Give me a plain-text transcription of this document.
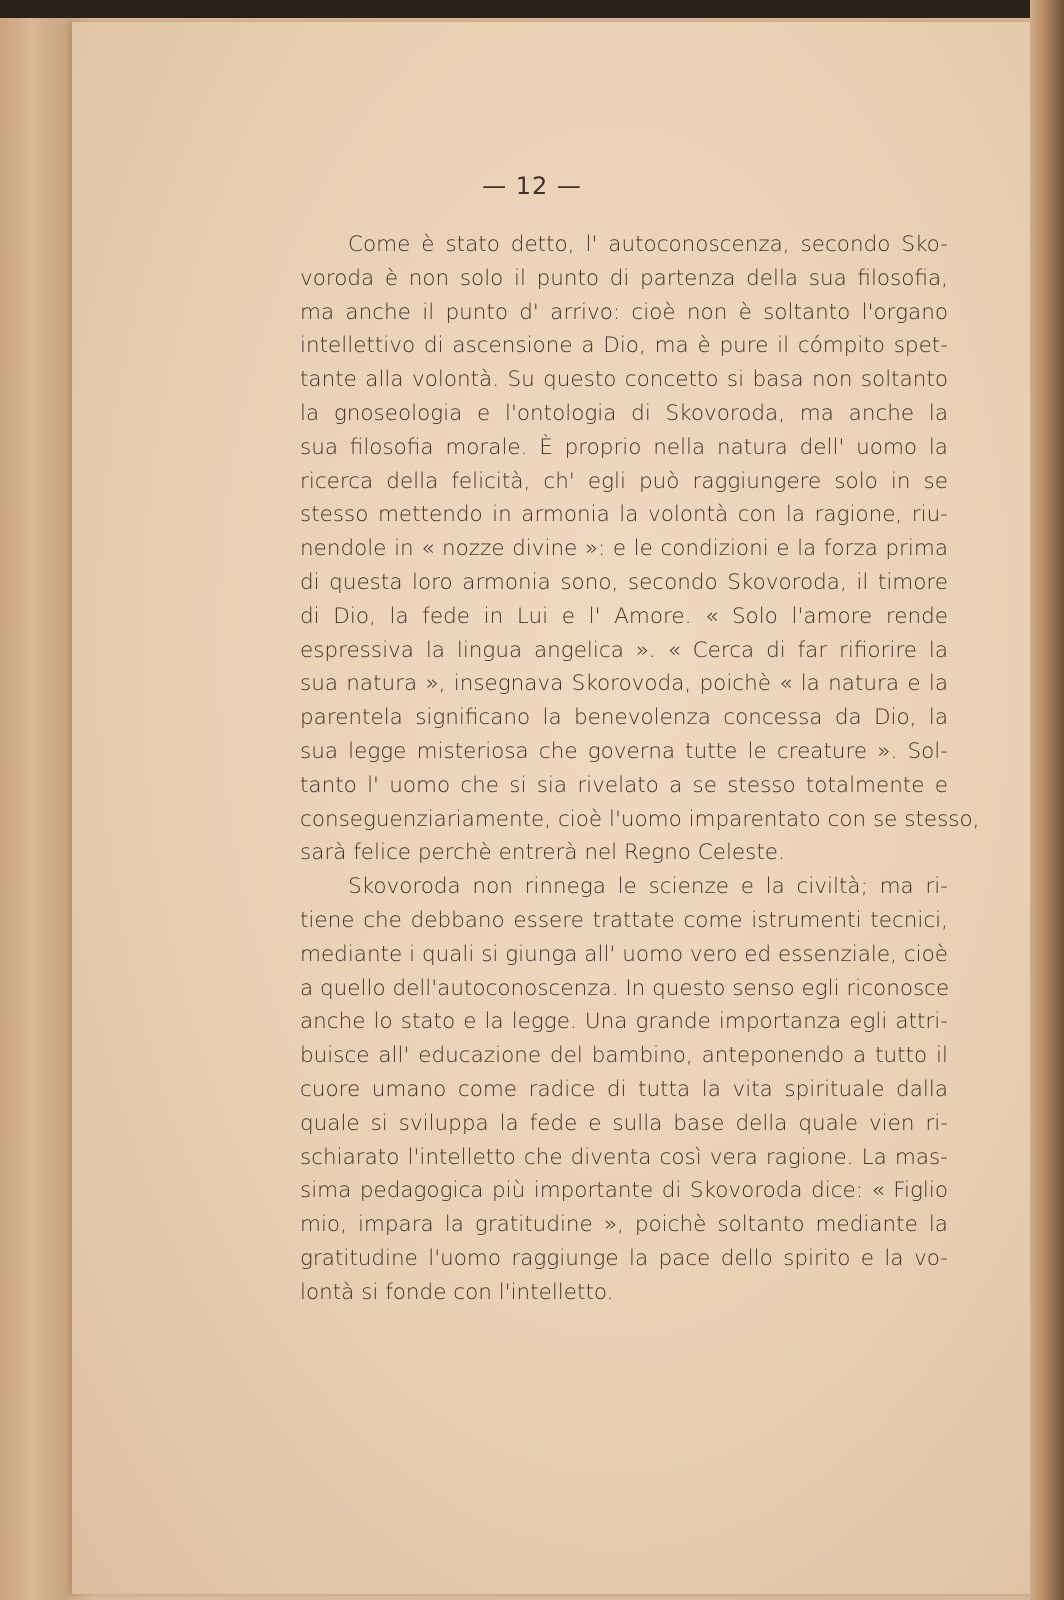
— 12 —
Come è stato detto, l' autoconoscenza, secondo Sko-
voroda è non solo il punto di partenza della sua filosofia,
ma anche il punto d' arrivo: cioè non è soltanto l'organo
intellettivo di ascensione a Dio, ma è pure il cómpito spet-
tante alla volontà. Su questo concetto si basa non soltanto
la gnoseologia e l'ontologia di Skovoroda, ma anche la
sua filosofia morale. È proprio nella natura dell' uomo la
ricerca della felicità, ch' egli può raggiungere solo in se
stesso mettendo in armonia la volontà con la ragione, riu-
nendole in « nozze divine »: e le condizioni e la forza prima
di questa loro armonia sono, secondo Skovoroda, il timore
di Dio, la fede in Lui e l' Amore. « Solo l'amore rende
espressiva la lingua angelica ». « Cerca di far rifiorire la
sua natura », insegnava Skorovoda, poichè « la natura e la
parentela significano la benevolenza concessa da Dio, la
sua legge misteriosa che governa tutte le creature ». Sol-
tanto l' uomo che si sia rivelato a se stesso totalmente e
conseguenziariamente, cioè l'uomo imparentato con se stesso,
sarà felice perchè entrerà nel Regno Celeste.
Skovoroda non rinnega le scienze e la civiltà; ma ri-
tiene che debbano essere trattate come istrumenti tecnici,
mediante i quali si giunga all' uomo vero ed essenziale, cioè
a quello dell'autoconoscenza. In questo senso egli riconosce
anche lo stato e la legge. Una grande importanza egli attri-
buisce all' educazione del bambino, anteponendo a tutto il
cuore umano come radice di tutta la vita spirituale dalla
quale si sviluppa la fede e sulla base della quale vien ri-
schiarato l'intelletto che diventa così vera ragione. La mas-
sima pedagogica più importante di Skovoroda dice: « Figlio
mio, impara la gratitudine », poichè soltanto mediante la
gratitudine l'uomo raggiunge la pace dello spirito e la vo-
lontà si fonde con l'intelletto.
